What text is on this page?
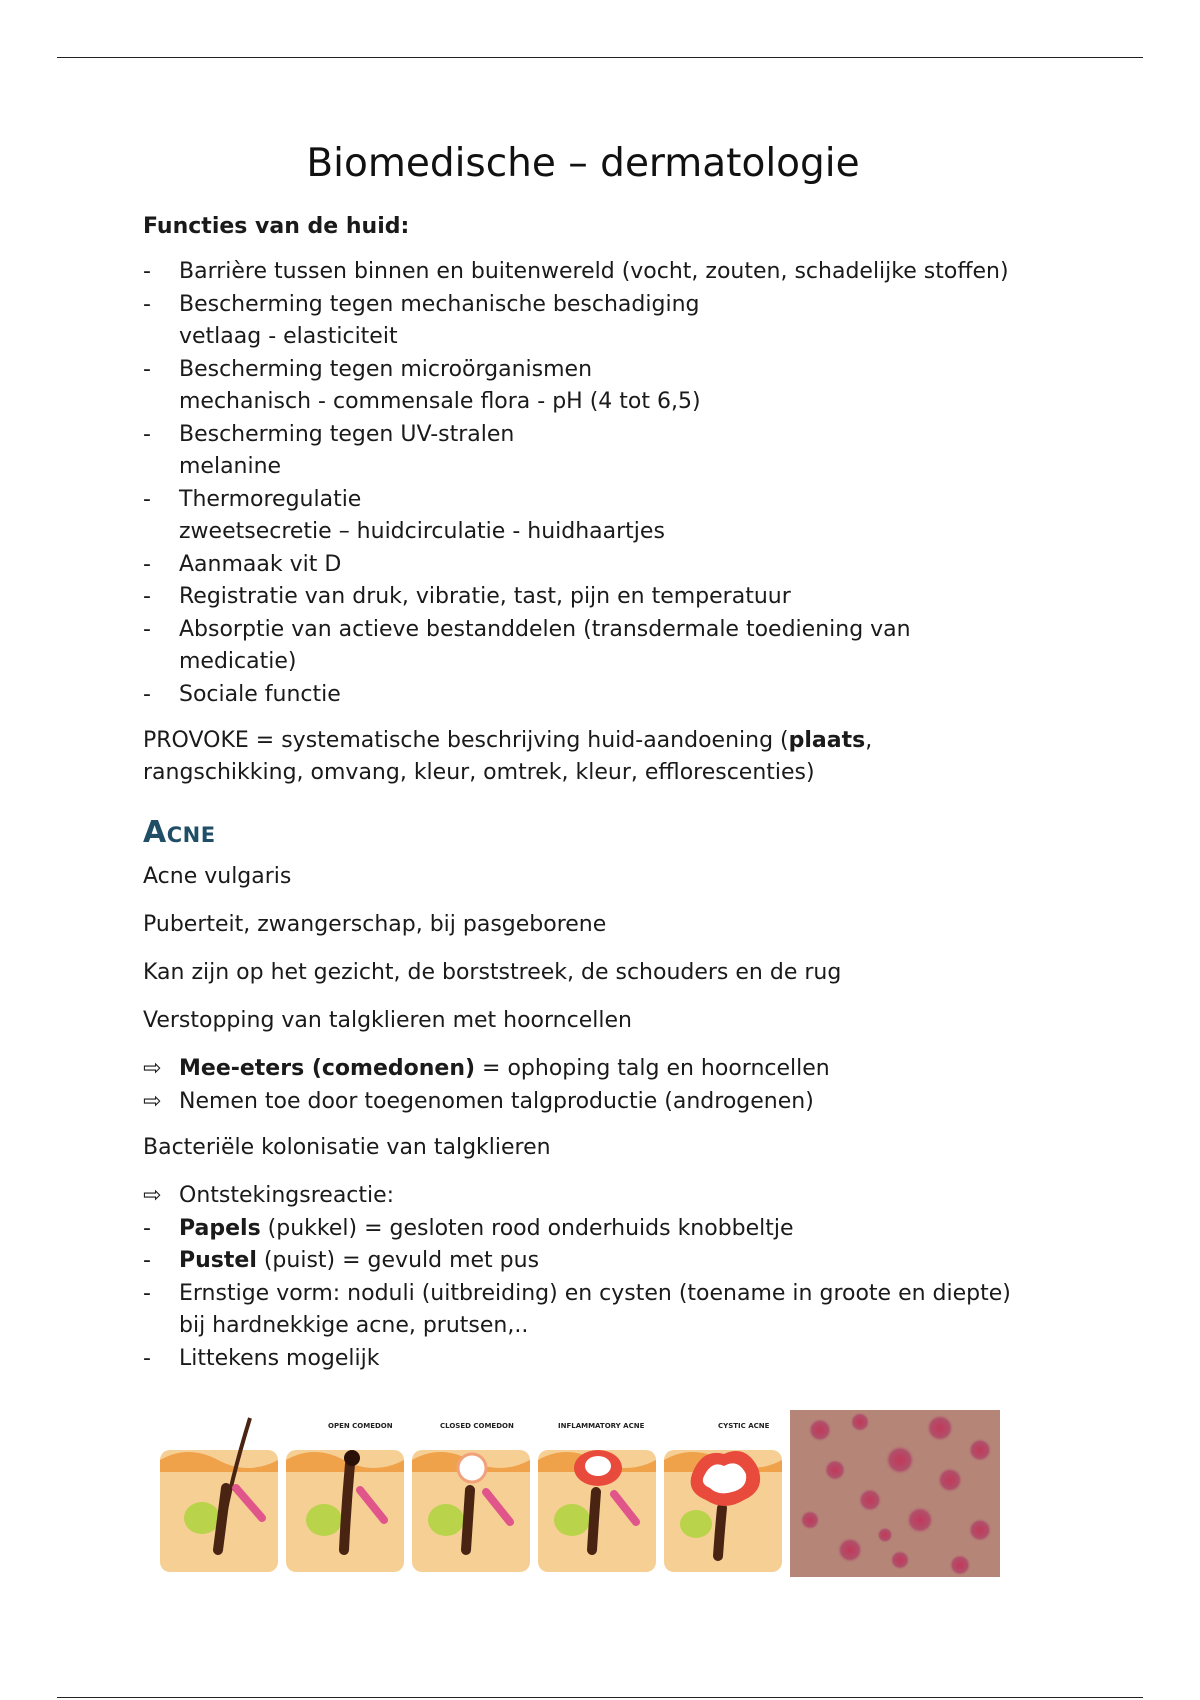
Biomedische – dermatologie
Functies van de huid:
-	Barrière tussen binnen en buitenwereld (vocht, zouten, schadelijke stoffen)
-	Bescherming tegen mechanische beschadiging
vetlaag - elasticiteit
-	Bescherming tegen microörganismen
mechanisch - commensale flora - pH (4 tot 6,5)
-	Bescherming tegen UV-stralen
melanine
-	Thermoregulatie
zweetsecretie – huidcirculatie - huidhaartjes
-	Aanmaak vit D
-	Registratie van druk, vibratie, tast, pijn en temperatuur
-	Absorptie van actieve bestanddelen (transdermale toediening van medicatie)
-	Sociale functie

PROVOKE = systematische beschrijving huid-aandoening (plaats, rangschikking, omvang, kleur, omtrek, kleur, efflorescenties)

Acne

Acne vulgaris

Puberteit, zwangerschap, bij pasgeborene

Kan zijn op het gezicht, de borststreek, de schouders en de rug

Verstopping van talgklieren met hoorncellen

⇨ Mee-eters (comedonen) = ophoping talg en hoorncellen
⇨ Nemen toe door toegenomen talgproductie (androgenen)

Bacteriële kolonisatie van talgklieren

⇨ Ontstekingsreactie:
-	Papels (pukkel) = gesloten rood onderhuids knobbeltje
-	Pustel (puist) = gevuld met pus
-	Ernstige vorm: noduli (uitbreiding) en cysten (toename in groote en diepte) bij hardnekkige acne, prutsen,..
-	Littekens mogelijk
OPEN COMEDON	CLOSED COMEDON	INFLAMMATORY ACNE	CYSTIC ACNE
